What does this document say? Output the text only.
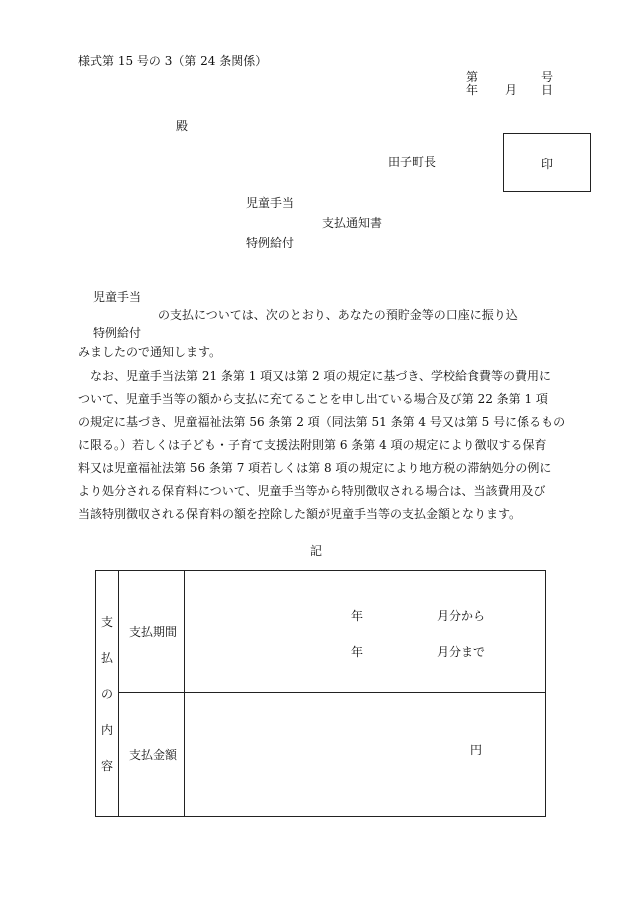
様式第 15 号の 3（第 24 条関係）
第	号
年 月 日
殿
田子町長	印
児童手当
支払通知書
特例給付
児童手当
の支払については、次のとおり、あなたの預貯金等の口座に振り込
特例給付
みましたので通知します。
なお、児童手当法第 21 条第 1 項又は第 2 項の規定に基づき、学校給食費等の費用に
ついて、児童手当等の額から支払に充てることを申し出ている場合及び第 22 条第 1 項
の規定に基づき、児童福祉法第 56 条第 2 項（同法第 51 条第 4 号又は第 5 号に係るもの
に限る。）若しくは子ども・子育て支援法附則第 6 条第 4 項の規定により徴収する保育
料又は児童福祉法第 56 条第 7 項若しくは第 8 項の規定により地方税の滞納処分の例に
より処分される保育料について、児童手当等から特別徴収される場合は、当該費用及び
当該特別徴収される保育料の額を控除した額が児童手当等の支払金額となります。
記
支
払
の
内
容	支払期間	年 月分から
年 月分まで

	支払金額	円
